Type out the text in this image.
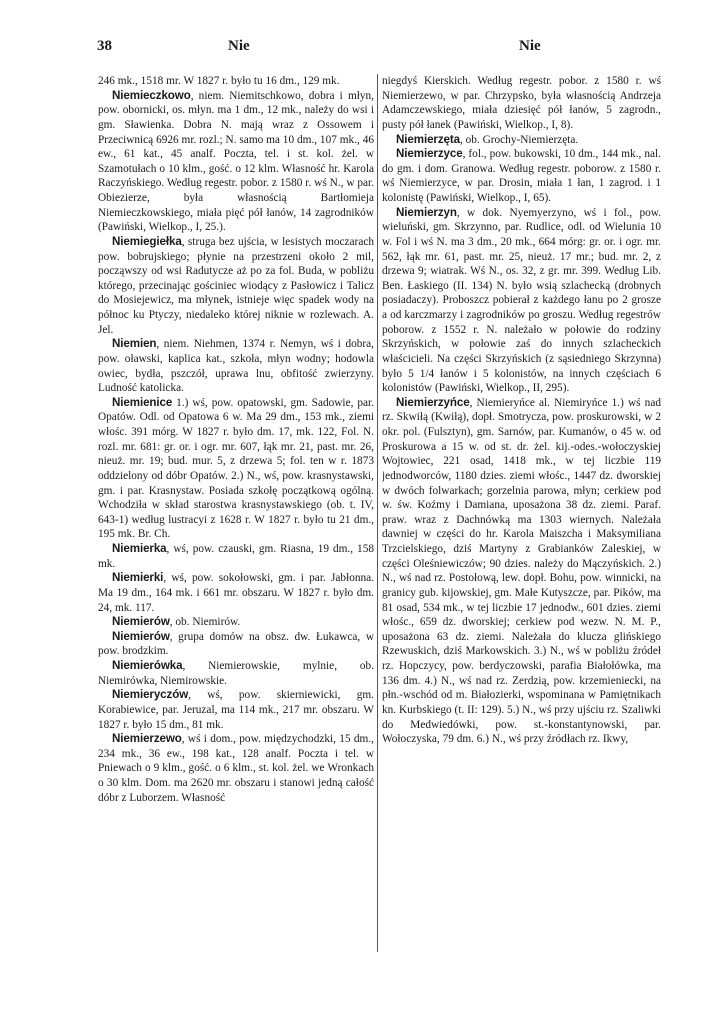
38	Nie	Nie

246 mk., 1518 mr. W 1827 r. było tu 16 dm., 129 mk.

Niemieczkowo, niem. Niemitschkowo, dobra i młyn, pow. obornicki, os. młyn. ma 1 dm., 12 mk., należy do wsi i gm. Sławienka. Dobra N. mają wraz z Ossowem i Przeciwnicą 6926 mr. rozl.; N. samo ma 10 dm., 107 mk., 46 ew., 61 kat., 45 analf. Poczta, tel. i st. kol. żel. w Szamotułach o 10 klm., gość. o 12 klm. Własność hr. Karola Raczyńskiego. Według regestr. pobor. z 1580 r. wś N., w par. Obiezierze, była własnością Bartłomieja Niemieczkowskiego, miała pięć pół łanów, 14 zagrodników (Pawiński, Wielkop., I, 25.).

Niemiegiełka, struga bez ujścia, w lesistych moczarach pow. bobrujskiego; płynie na przestrzeni około 2 mil, począwszy od wsi Radutycze aż po za fol. Buda, w pobliżu którego, przecinając gościniec wiodący z Pasłowicz i Talicz do Mosiejewicz, ma młynek, istnieje więc spadek wody na północ ku Ptyczy, niedaleko której niknie w rozlewach. A. Jel.

Niemien, niem. Niehmen, 1374 r. Nemyn, wś i dobra, pow. oławski, kaplica kat., szkoła, młyn wodny; hodowla owiec, bydła, pszczół, uprawa lnu, obfitość zwierzyny. Ludność katolicka.

Niemienice 1.) wś, pow. opatowski, gm. Sadowie, par. Opatów. Odl. od Opatowa 6 w. Ma 29 dm., 153 mk., ziemi włośc. 391 mórg. W 1827 r. było dm. 17, mk. 122, Fol. N. rozl. mr. 681: gr. or. i ogr. mr. 607, łąk mr. 21, past. mr. 26, nieuż. mr. 19; bud. mur. 5, z drzewa 5; fol. ten w r. 1873 oddzielony od dóbr Opatów. 2.) N., wś, pow. krasnystawski, gm. i par. Krasnystaw. Posiada szkołę początkową ogólną. Wchodziła w skład starostwa krasnystawskiego (ob. t. IV, 643-1) według lustracyi z 1628 r. W 1827 r. było tu 21 dm., 195 mk. Br. Ch.

Niemierka, wś, pow. czauski, gm. Riasna, 19 dm., 158 mk.

Niemierki, wś, pow. sokołowski, gm. i par. Jabłonna. Ma 19 dm., 164 mk. i 661 mr. obszaru. W 1827 r. było dm. 24, mk. 117.

Niemierów, ob. Niemirów.

Niemierów, grupa domów na obsz. dw. Łukawca, w pow. brodzkim.

Niemierówka, Niemierowskie, mylnie, ob. Niemirówka, Niemirowskie.

Niemieryczów, wś, pow. skierniewicki, gm. Korabiewice, par. Jeruzal, ma 114 mk., 217 mr. obszaru. W 1827 r. było 15 dm., 81 mk.

Niemierzewo, wś i dom., pow. międzychodzki, 15 dm., 234 mk., 36 ew., 198 kat., 128 analf. Poczta i tel. w Pniewach o 9 klm., gość. o 6 klm., st. kol. żel. we Wronkach o 30 klm. Dom. ma 2620 mr. obszaru i stanowi jedną całość dóbr z Luborzem. Własność

niegdyś Kierskich. Według regestr. pobor. z 1580 r. wś Niemierzewo, w par. Chrzypsko, była własnością Andrzeja Adamczewskiego, miała dziesięć pół łanów, 5 zagrodn., pusty pół łanek (Pawiński, Wielkop., I, 8).

Niemierzęta, ob. Grochy-Niemierzęta.

Niemierzyce, fol., pow. bukowski, 10 dm., 144 mk., nal. do gm. i dom. Granowa. Według regestr. poborow. z 1580 r. wś Niemierzyce, w par. Drosin, miała 1 łan, 1 zagrod. i 1 kolonistę (Pawiński, Wielkop., I, 65).

Niemierzyn, w dok. Nyemyerzyno, wś i fol., pow. wieluński, gm. Skrzynno, par. Rudlice, odl. od Wielunia 10 w. Fol i wś N. ma 3 dm., 20 mk., 664 mórg: gr. or. i ogr. mr. 562, łąk mr. 61, past. mr. 25, nieuż. 17 mr.; bud. mr. 2, z drzewa 9; wiatrak. Wś N., os. 32, z gr. mr. 399. Według Lib. Ben. Łaskiego (II. 134) N. było wsią szlachecką (drobnych posiadaczy). Proboszcz pobierał z każdego łanu po 2 grosze a od karczmarzy i zagrodników po groszu. Według regestrów poborow. z 1552 r. N. należało w połowie do rodziny Skrzyńskich, w połowie zaś do innych szlacheckich właścicieli. Na części Skrzyńskich (z sąsiedniego Skrzynna) było 5 1/4 łanów i 5 kolonistów, na innych częściach 6 kolonistów (Pawiński, Wielkop., II, 295).

Niemierzyńce, Niemieryńce al. Niemiryńce 1.) wś nad rz. Skwiłą (Kwiłą), dopł. Smotrycza, pow. proskurowski, w 2 okr. pol. (Fulsztyn), gm. Sarnów, par. Kumanów, o 45 w. od Proskurowa a 15 w. od st. dr. żel. kij.-odes.-wołoczyskiej Wojtowiec, 221 osad, 1418 mk., w tej liczbie 119 jednodworców, 1180 dzies. ziemi włośc., 1447 dz. dworskiej w dwóch folwarkach; gorzelnia parowa, młyn; cerkiew pod w. św. Koźmy i Damiana, uposażona 38 dz. ziemi. Paraf. praw. wraz z Dachnówką ma 1303 wiernych. Należała dawniej w części do hr. Karola Maiszcha i Maksymiliana Trzcielskiego, dziś Martyny z Grabianków Zaleskiej, w części Oleśniewiczów; 90 dzies. należy do Mączyńskich. 2.) N., wś nad rz. Postołową, lew. dopł. Bohu, pow. winnicki, na granicy gub. kijowskiej, gm. Małe Kutyszcze, par. Pików, ma 81 osad, 534 mk., w tej liczbie 17 jednodw., 601 dzies. ziemi włośc., 659 dz. dworskiej; cerkiew pod wezw. N. M. P., uposażona 63 dz. ziemi. Należała do klucza glińskiego Rzewuskich, dziś Markowskich. 3.) N., wś w pobliżu źródeł rz. Hopczycy, pow. berdyczowski, parafia Białołówka, ma 136 dm. 4.) N., wś nad rz. Zerdzią, pow. krzemieniecki, na płn.-wschód od m. Białozierki, wspominana w Pamiętnikach kn. Kurbskiego (t. II: 129). 5.) N., wś przy ujściu rz. Szaliwki do Medwiedówki, pow. st.-konstantynowski, par. Wołoczyska, 79 dm. 6.) N., wś przy źródłach rz. Ikwy,
